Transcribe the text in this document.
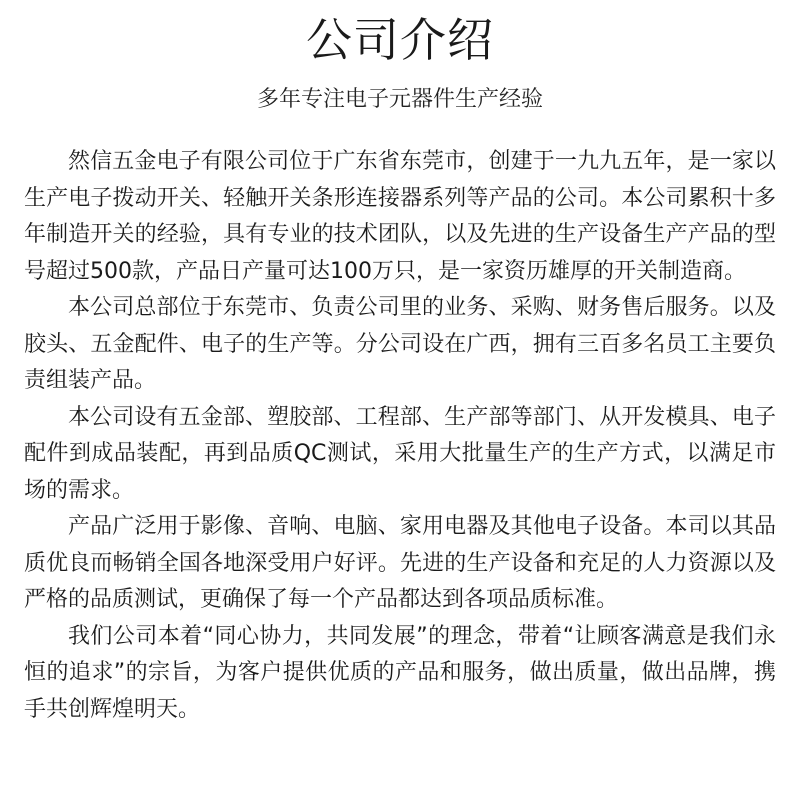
公司介绍
多年专注电子元器件生产经验

然信五金电子有限公司位于广东省东莞市，创建于一九九五年，是一家以生产电子拨动开关、轻触开关条形连接器系列等产品的公司。本公司累积十多年制造开关的经验，具有专业的技术团队，以及先进的生产设备生产产品的型号超过500款，产品日产量可达100万只，是一家资历雄厚的开关制造商。

本公司总部位于东莞市、负责公司里的业务、采购、财务售后服务。以及胶头、五金配件、电子的生产等。分公司设在广西，拥有三百多名员工主要负责组装产品。

本公司设有五金部、塑胶部、工程部、生产部等部门、从开发模具、电子配件到成品装配，再到品质QC测试，采用大批量生产的生产方式，以满足市场的需求。

产品广泛用于影像、音响、电脑、家用电器及其他电子设备。本司以其品质优良而畅销全国各地深受用户好评。先进的生产设备和充足的人力资源以及严格的品质测试，更确保了每一个产品都达到各项品质标准。

我们公司本着“同心协力，共同发展”的理念，带着“让顾客满意是我们永恒的追求”的宗旨，为客户提供优质的产品和服务，做出质量，做出品牌，携手共创辉煌明天。
